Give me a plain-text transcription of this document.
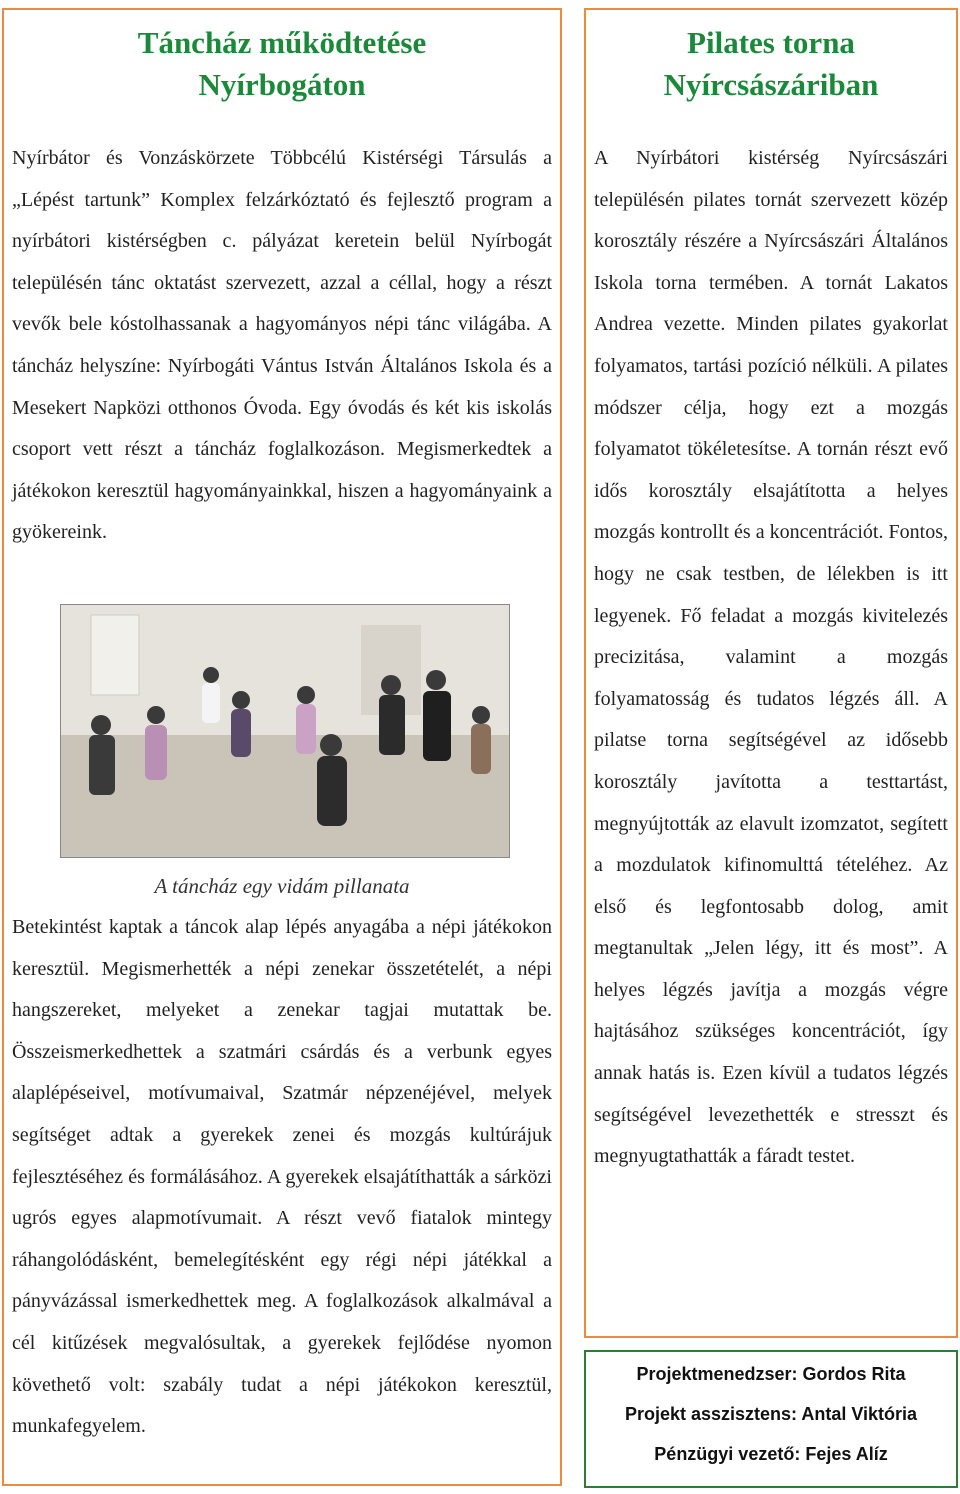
Táncház működtetése
Nyírbogáton

Nyírbátor és Vonzáskörzete Többcélú Kistérségi Társulás a „Lépést tartunk” Komplex felzárkóztató és fejlesztő program a nyírbátori kistérségben c. pályázat keretein belül Nyírbogát településén tánc oktatást szervezett, azzal a céllal, hogy a részt vevők bele kóstolhassanak a hagyományos népi tánc világába. A táncház helyszíne: Nyírbogáti Vántus István Általános Iskola és a Mesekert Napközi otthonos Óvoda. Egy óvodás és két kis iskolás csoport vett részt a táncház foglalkozáson. Megismerkedtek a játékokon keresztül hagyományainkkal, hiszen a hagyományaink a gyökereink.

A táncház egy vidám pillanata

Betekintést kaptak a táncok alap lépés anyagába a népi játékokon keresztül. Megismerhették a népi zenekar összetételét, a népi hangszereket, melyeket a zenekar tagjai mutattak be. Összeismerkedhettek a szatmári csárdás és a verbunk egyes alaplépéseivel, motívumaival, Szatmár népzenéjével, melyek segítséget adtak a gyerekek zenei és mozgás kultúrájuk fejlesztéséhez és formálásához. A gyerekek elsajátíthatták a sárközi ugrós egyes alapmotívumait. A részt vevő fiatalok mintegy ráhangolódásként, bemelegítésként egy régi népi játékkal a pányvázással ismerkedhettek meg. A foglalkozások alkalmával a cél kitűzések megvalósultak, a gyerekek fejlődése nyomon követhető volt: szabály tudat a népi játékokon keresztül, munkafegyelem.

Pilates torna
Nyírcsászáriban

A Nyírbátori kistérség Nyírcsászári településén pilates tornát szervezett közép korosztály részére a Nyírcsászári Általános Iskola torna termében. A tornát Lakatos Andrea vezette. Minden pilates gyakorlat folyamatos, tartási pozíció nélküli. A pilates módszer célja, hogy ezt a mozgás folyamatot tökéletesítse. A tornán részt evő idős korosztály elsajátította a helyes mozgás kontrollt és a koncentrációt. Fontos, hogy ne csak testben, de lélekben is itt legyenek. Fő feladat a mozgás kivitelezés precizitása, valamint a mozgás folyamatosság és tudatos légzés áll. A pilatse torna segítségével az idősebb korosztály javította a testtartást, megnyújtották az elavult izomzatot, segített a mozdulatok kifinomulttá tételéhez. Az első és legfontosabb dolog, amit megtanultak „Jelen légy, itt és most”. A helyes légzés javítja a mozgás végre hajtásához szükséges koncentrációt, így annak hatás is. Ezen kívül a tudatos légzés segítségével levezethették e stresszt és megnyugtathatták a fáradt testet.

Projektmenedzser: Gordos Rita

Projekt asszisztens: Antal Viktória

Pénzügyi vezető: Fejes Alíz
